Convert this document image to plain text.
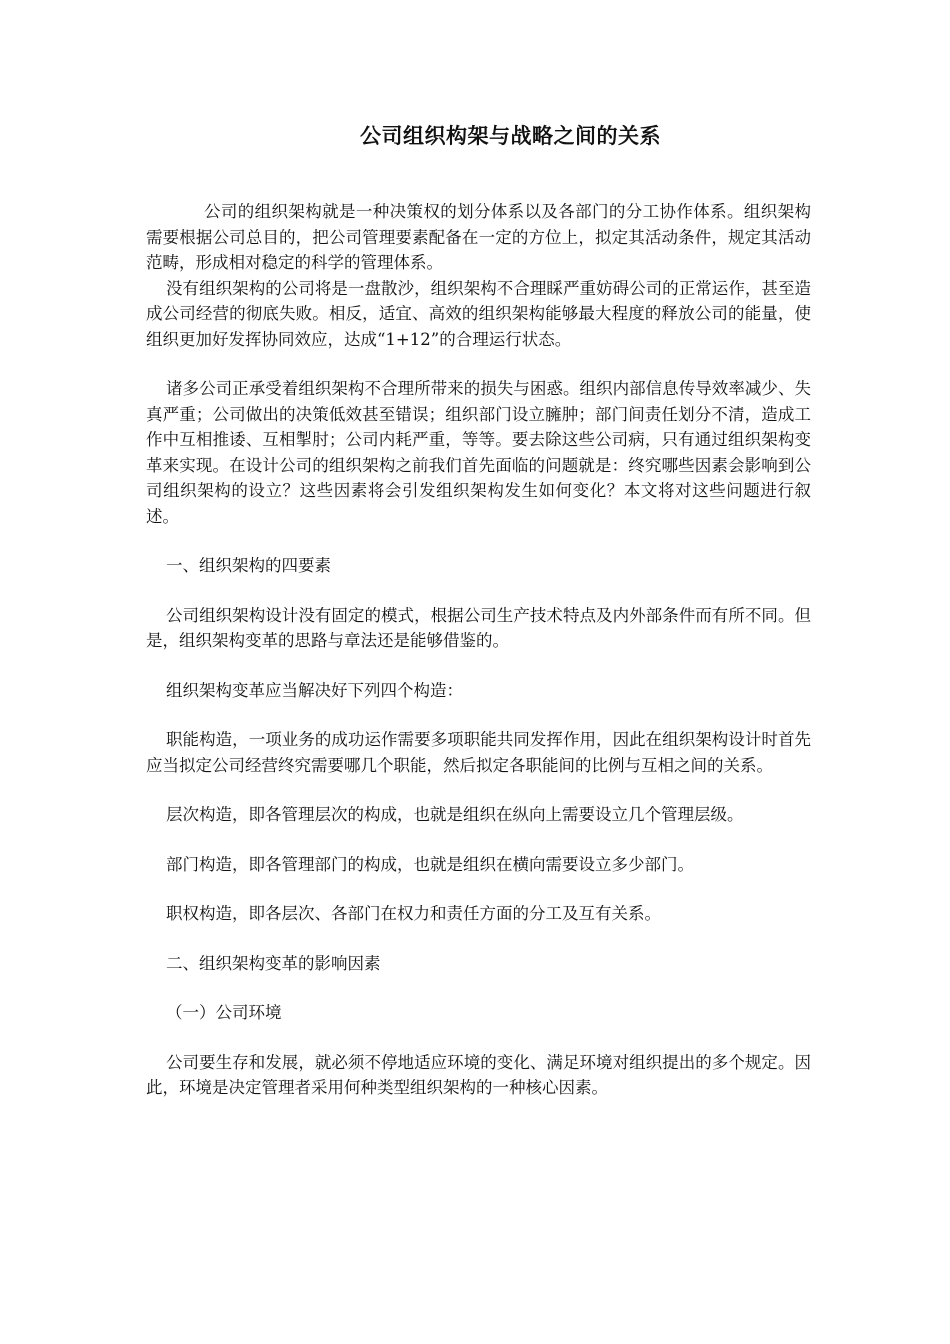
公司组织构架与战略之间的关系

公司的组织架构就是一种决策权的划分体系以及各部门的分工协作体系。组织架构需要根据公司总目的，把公司管理要素配备在一定的方位上，拟定其活动条件，规定其活动范畴，形成相对稳定的科学的管理体系。

没有组织架构的公司将是一盘散沙，组织架构不合理睬严重妨碍公司的正常运作，甚至造成公司经营的彻底失败。相反，适宜、高效的组织架构能够最大程度的释放公司的能量，使组织更加好发挥协同效应，达成“1+12”的合理运行状态。

诸多公司正承受着组织架构不合理所带来的损失与困惑。组织内部信息传导效率减少、失真严重；公司做出的决策低效甚至错误；组织部门设立臃肿；部门间责任划分不清，造成工作中互相推诿、互相掣肘；公司内耗严重，等等。要去除这些公司病，只有通过组织架构变革来实现。在设计公司的组织架构之前我们首先面临的问题就是：终究哪些因素会影响到公司组织架构的设立？这些因素将会引发组织架构发生如何变化？本文将对这些问题进行叙述。

一、组织架构的四要素

公司组织架构设计没有固定的模式，根据公司生产技术特点及内外部条件而有所不同。但是，组织架构变革的思路与章法还是能够借鉴的。

组织架构变革应当解决好下列四个构造：

职能构造，一项业务的成功运作需要多项职能共同发挥作用，因此在组织架构设计时首先应当拟定公司经营终究需要哪几个职能，然后拟定各职能间的比例与互相之间的关系。

层次构造，即各管理层次的构成，也就是组织在纵向上需要设立几个管理层级。

部门构造，即各管理部门的构成，也就是组织在横向需要设立多少部门。

职权构造，即各层次、各部门在权力和责任方面的分工及互有关系。

二、组织架构变革的影响因素

（一）公司环境

公司要生存和发展，就必须不停地适应环境的变化、满足环境对组织提出的多个规定。因此，环境是决定管理者采用何种类型组织架构的一种核心因素。
